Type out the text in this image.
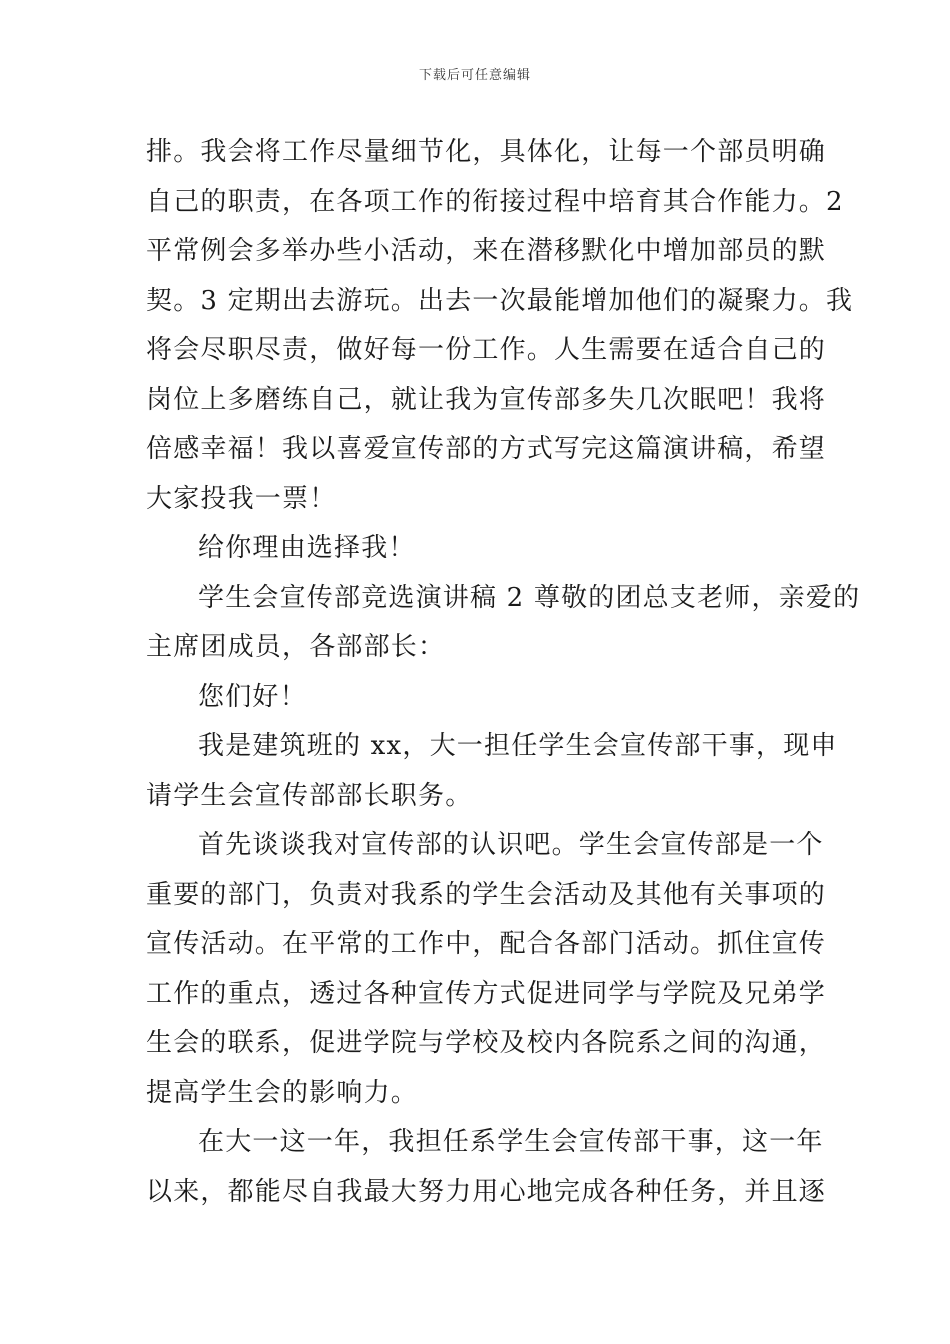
下载后可任意编辑
排。我会将工作尽量细节化，具体化，让每一个部员明确
自己的职责，在各项工作的衔接过程中培育其合作能力。2
平常例会多举办些小活动，来在潜移默化中增加部员的默
契。3 定期出去游玩。出去一次最能增加他们的凝聚力。我
将会尽职尽责，做好每一份工作。人生需要在适合自己的
岗位上多磨练自己，就让我为宣传部多失几次眠吧！我将
倍感幸福！我以喜爱宣传部的方式写完这篇演讲稿，希望
大家投我一票！
给你理由选择我！
学生会宣传部竞选演讲稿 2 尊敬的团总支老师，亲爱的
主席团成员，各部部长：
您们好！
我是建筑班的 xx，大一担任学生会宣传部干事，现申
请学生会宣传部部长职务。
首先谈谈我对宣传部的认识吧。学生会宣传部是一个
重要的部门，负责对我系的学生会活动及其他有关事项的
宣传活动。在平常的工作中，配合各部门活动。抓住宣传
工作的重点，透过各种宣传方式促进同学与学院及兄弟学
生会的联系，促进学院与学校及校内各院系之间的沟通，
提高学生会的影响力。
在大一这一年，我担任系学生会宣传部干事，这一年
以来，都能尽自我最大努力用心地完成各种任务，并且逐
